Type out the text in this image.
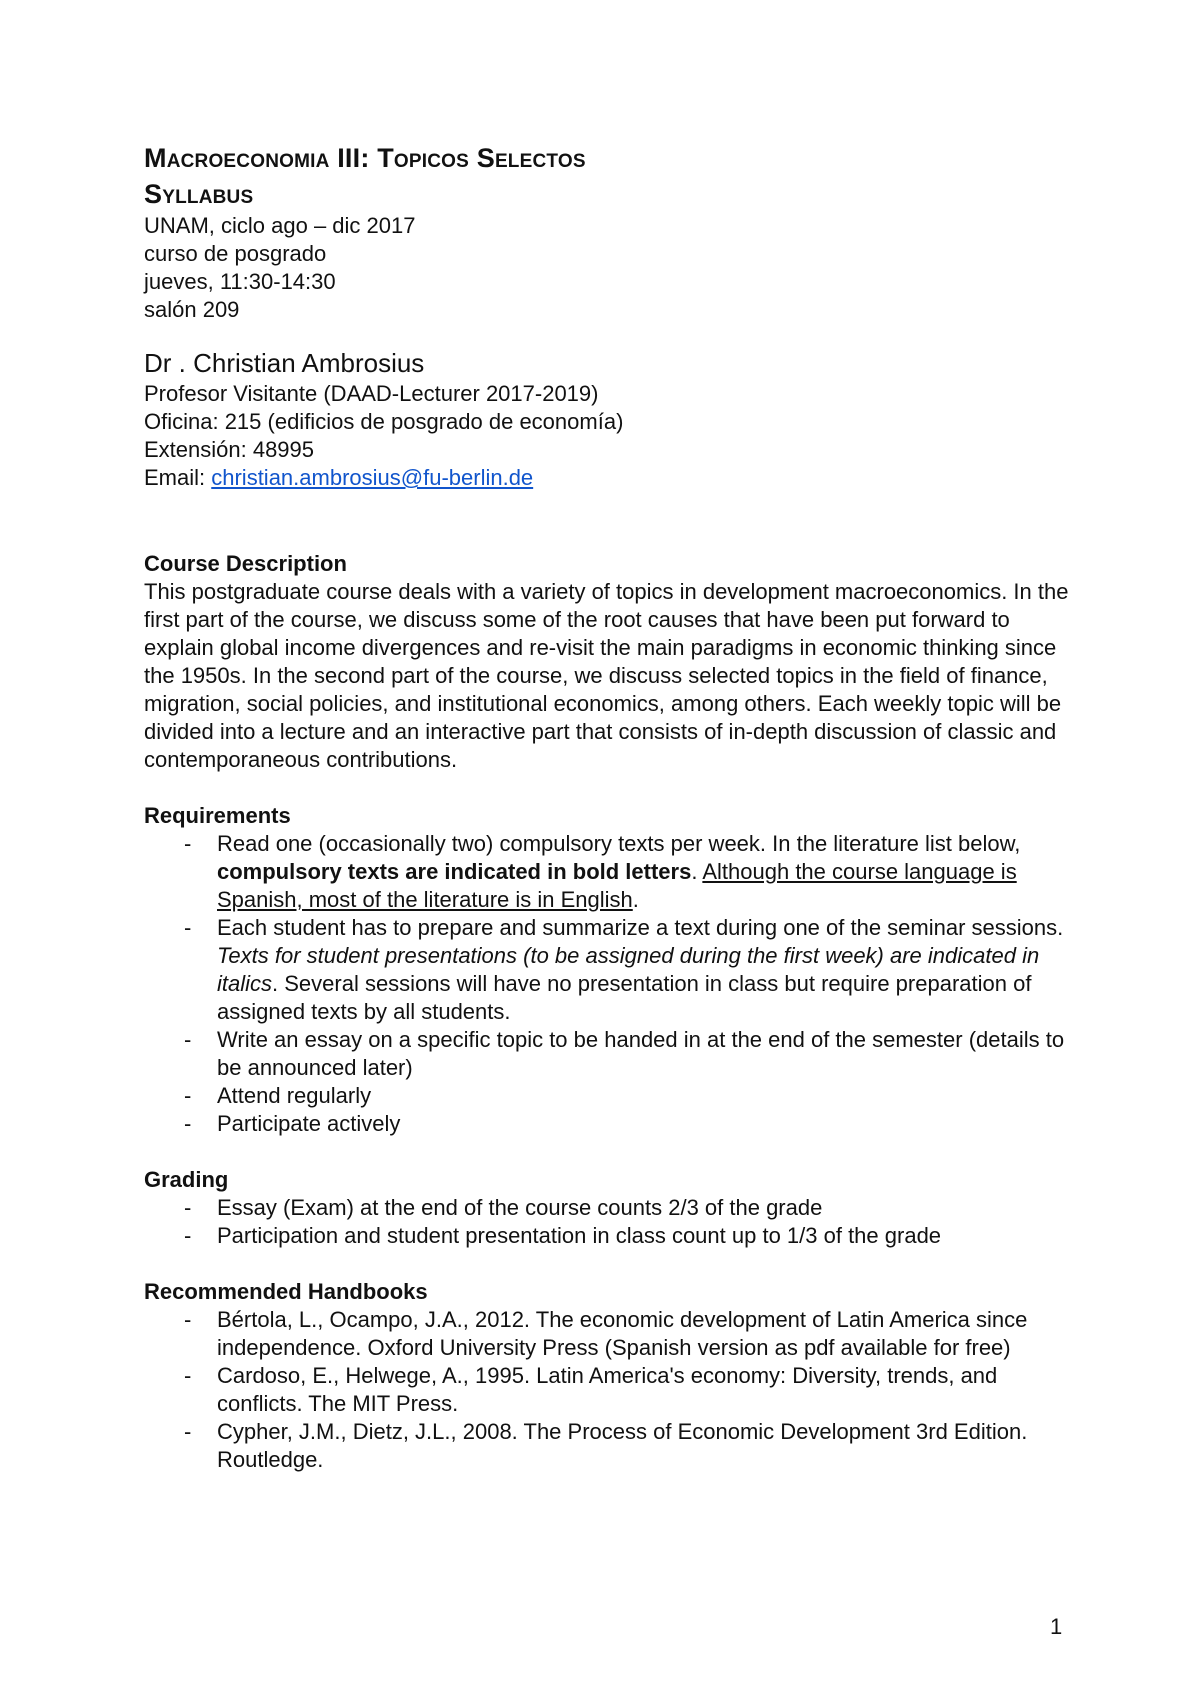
Macroeconomia III: Topicos Selectos
Syllabus

UNAM, ciclo ago – dic 2017

curso de posgrado

jueves, 11:30-14:30

salón 209

Dr . Christian Ambrosius

Profesor Visitante (DAAD-Lecturer 2017-2019)

Oficina: 215 (edificios de posgrado de economía)

Extensión: 48995

Email: christian.ambrosius@fu-berlin.de

Course Description

This postgraduate course deals with a variety of topics in development macroeconomics. In the first part of the course, we discuss some of the root causes that have been put forward to explain global income divergences and re-visit the main paradigms in economic thinking since the 1950s. In the second part of the course, we discuss selected topics in the field of finance, migration, social policies, and institutional economics, among others. Each weekly topic will be divided into a lecture and an interactive part that consists of in-depth discussion of classic and contemporaneous contributions.

Requirements

- Read one (occasionally two) compulsory texts per week. In the literature list below, compulsory texts are indicated in bold letters. Although the course language is Spanish, most of the literature is in English.
- Each student has to prepare and summarize a text during one of the seminar sessions. Texts for student presentations (to be assigned during the first week) are indicated in italics. Several sessions will have no presentation in class but require preparation of assigned texts by all students.
- Write an essay on a specific topic to be handed in at the end of the semester (details to be announced later)
- Attend regularly
- Participate actively

Grading

- Essay (Exam) at the end of the course counts 2/3 of the grade
- Participation and student presentation in class count up to 1/3 of the grade

Recommended Handbooks

- Bértola, L., Ocampo, J.A., 2012. The economic development of Latin America since independence. Oxford University Press (Spanish version as pdf available for free)
- Cardoso, E., Helwege, A., 1995. Latin America's economy: Diversity, trends, and conflicts. The MIT Press.
- Cypher, J.M., Dietz, J.L., 2008. The Process of Economic Development 3rd Edition. Routledge.
1
